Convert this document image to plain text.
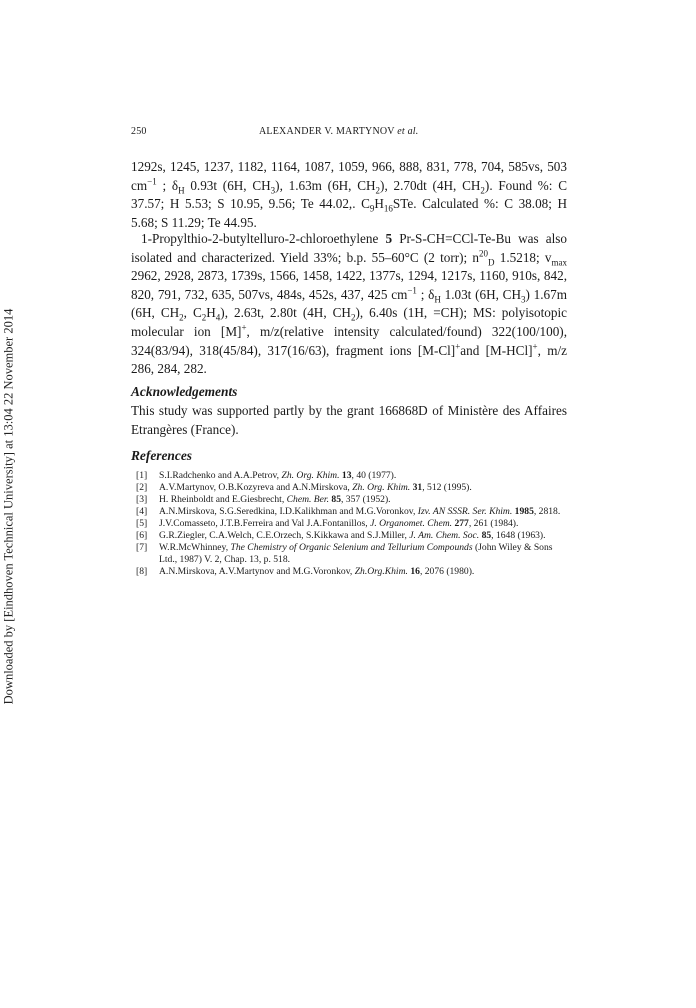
Downloaded by [Eindhoven Technical University] at 13:04 22 November 2014
250	ALEXANDER V. MARTYNOV et al.
1292s, 1245, 1237, 1182, 1164, 1087, 1059, 966, 888, 831, 778, 704, 585vs, 503 $cm^{-1}$ ; $\delta_H$ 0.93t (6H, $CH_3$), 1.63m (6H, $CH_2$), 2.70dt (4H, $CH_2$). Found %: C 37.57; H 5.53; S 10.95, 9.56; Te 44.02,. $C_9H_{16}STe$. Calculated %: C 38.08; H 5.68; S 11.29; Te 44.95.
1-Propylthio-2-butyltelluro-2-chloroethylene 5 Pr-S-CH=CCl-Te-Bu was also isolated and characterized. Yield 33%; b.p. 55–60°C (2 torr); $n^{20}_D$ 1.5218; $v_{max}$ 2962, 2928, 2873, 1739s, 1566, 1458, 1422, 1377s, 1294, 1217s, 1160, 910s, 842, 820, 791, 732, 635, 507vs, 484s, 452s, 437, 425 $cm^{-1}$ ; $\delta_H$ 1.03t (6H, $CH_3$) 1.67m (6H, $CH_2$, $C_2H_4$), 2.63t, 2.80t (4H, $CH_2$), 6.40s (1H, =CH); MS: polyisotopic molecular ion [M]+, m/z(relative intensity calculated/found) 322(100/100), 324(83/94), 318(45/84), 317(16/63), fragment ions [M-Cl]+and [M-HCl]+, m/z 286, 284, 282.
Acknowledgements
This study was supported partly by the grant 166868D of Ministère des Affaires Etrangères (France).
References
[1] S.I.Radchenko and A.A.Petrov, Zh. Org. Khim. 13, 40 (1977).
[2] A.V.Martynov, O.B.Kozyreva and A.N.Mirskova, Zh. Org. Khim. 31, 512 (1995).
[3] H. Rheinboldt and E.Giesbrecht, Chem. Ber. 85, 357 (1952).
[4] A.N.Mirskova, S.G.Seredkina, I.D.Kalikhman and M.G.Voronkov, Izv. AN SSSR. Ser. Khim. 1985, 2818.
[5] J.V.Comasseto, J.T.B.Ferreira and Val J.A.Fontanillos, J. Organomet. Chem. 277, 261 (1984).
[6] G.R.Ziegler, C.A.Welch, C.E.Orzech, S.Kikkawa and S.J.Miller, J. Am. Chem. Soc. 85, 1648 (1963).
[7] W.R.McWhinney, The Chemistry of Organic Selenium and Tellurium Compounds (John Wiley & Sons Ltd., 1987) V. 2, Chap. 13, p. 518.
[8] A.N.Mirskova, A.V.Martynov and M.G.Voronkov, Zh.Org.Khim. 16, 2076 (1980).
